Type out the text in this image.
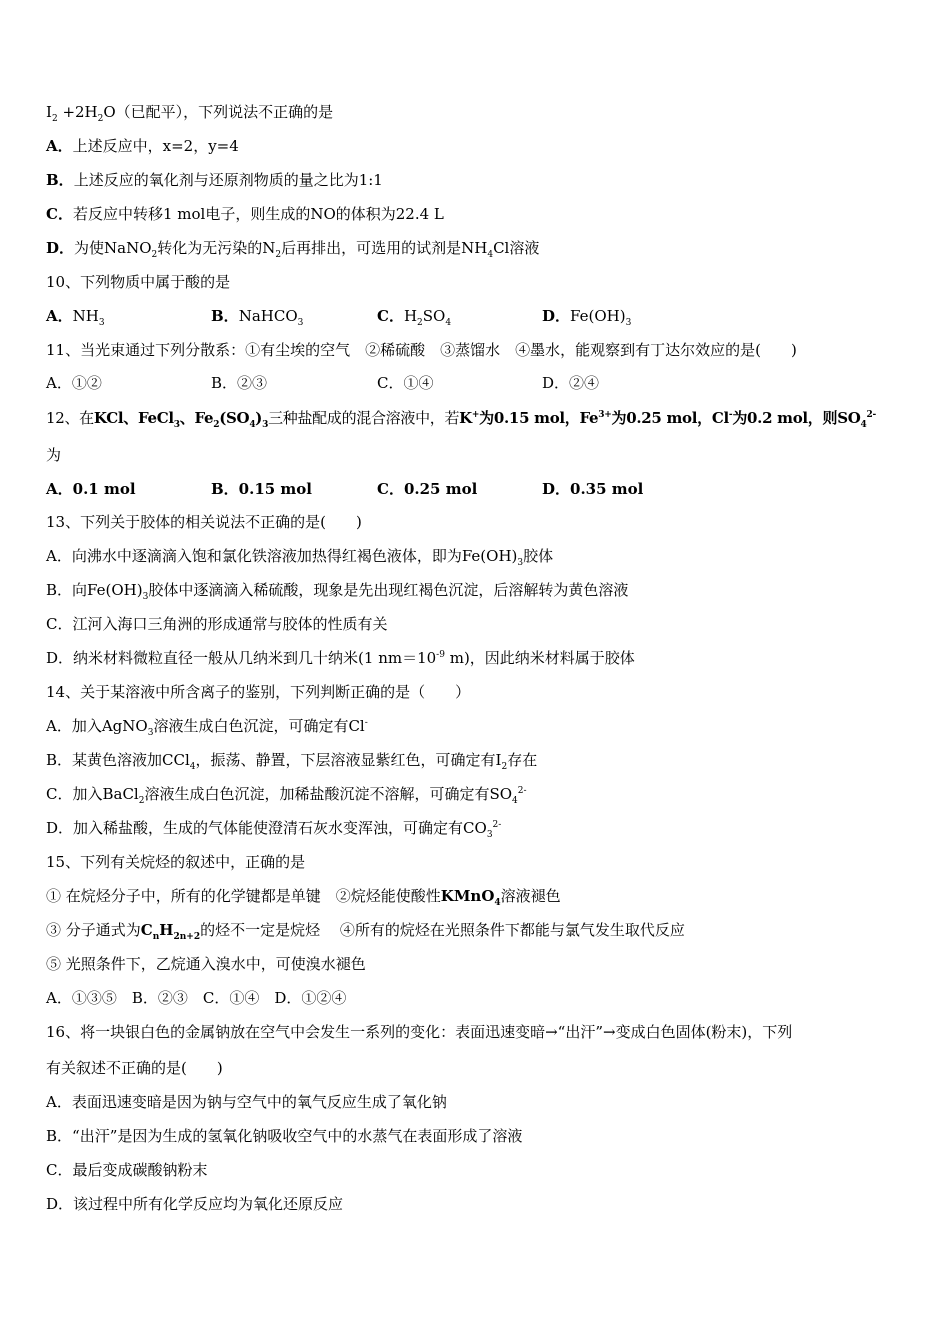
$I_2 +2H_2O$（已配平），下列说法不正确的是
A．上述反应中，x=2，y=4
B．上述反应的氧化剂与还原剂物质的量之比为1:1
C．若反应中转移1 mol电子，则生成的NO的体积为22.4 L
D．为使NaNO$_2$转化为无污染的$N_2$后再排出，可选用的试剂是$NH_4Cl$溶液
10、下列物质中属于酸的是
A．$NH_3$	B．NaHCO$_3$	C．$H_2SO_4$	D．$Fe(OH)_3$
11、当光束通过下列分散系：①有尘埃的空气　②稀硫酸　③蒸馏水　④墨水，能观察到有丁达尔效应的是(　　)
A．①②	B．②③	C．①④	D．②④
12、在KCl、FeCl$_3$、$Fe_2(SO_4)_3$三种盐配成的混合溶液中，若K+为0.15 mol，$Fe^{3+}$为0.25 mol，Cl-为0.2 mol，则$SO_4^{2-}$
为
A．0.1 mol	B．0.15 mol	C．0.25 mol	D．0.35 mol
13、下列关于胶体的相关说法不正确的是(　　)
A．向沸水中逐滴滴入饱和氯化铁溶液加热得红褐色液体，即为$Fe(OH)_3$胶体
B．向$Fe(OH)_3$胶体中逐滴滴入稀硫酸，现象是先出现红褐色沉淀，后溶解转为黄色溶液
C．江河入海口三角洲的形成通常与胶体的性质有关
D．纳米材料微粒直径一般从几纳米到几十纳米(1 $nm=10^{-9}$ m)，因此纳米材料属于胶体
14、关于某溶液中所含离子的鉴别，下列判断正确的是（　　）
A．加入AgNO$_3$溶液生成白色沉淀，可确定有Cl-
B．某黄色溶液加CCl$_4$，振荡、静置，下层溶液显紫红色，可确定有$I_2$存在
C．加入BaCl$_2$溶液生成白色沉淀，加稀盐酸沉淀不溶解，可确定有$SO_4^{2-}$
D．加入稀盐酸，生成的气体能使澄清石灰水变浑浊，可确定有$CO_3^{2-}$
15、下列有关烷烃的叙述中，正确的是
① 在烷烃分子中，所有的化学键都是单键　②烷烃能使酸性KMnO$_4$溶液褪色
③ 分子通式为$C_nH_{2n+2}$的烃不一定是烷烃　 ④所有的烷烃在光照条件下都能与氯气发生取代反应
⑤ 光照条件下，乙烷通入溴水中，可使溴水褪色
A．①③⑤　B．②③　C．①④　D．①②④
16、将一块银白色的金属钠放在空气中会发生一系列的变化：表面迅速变暗→“出汗”→变成白色固体(粉末)，下列
有关叙述不正确的是(　　)
A．表面迅速变暗是因为钠与空气中的氧气反应生成了氧化钠
B．“出汗”是因为生成的氢氧化钠吸收空气中的水蒸气在表面形成了溶液
C．最后变成碳酸钠粉末
D．该过程中所有化学反应均为氧化还原反应
